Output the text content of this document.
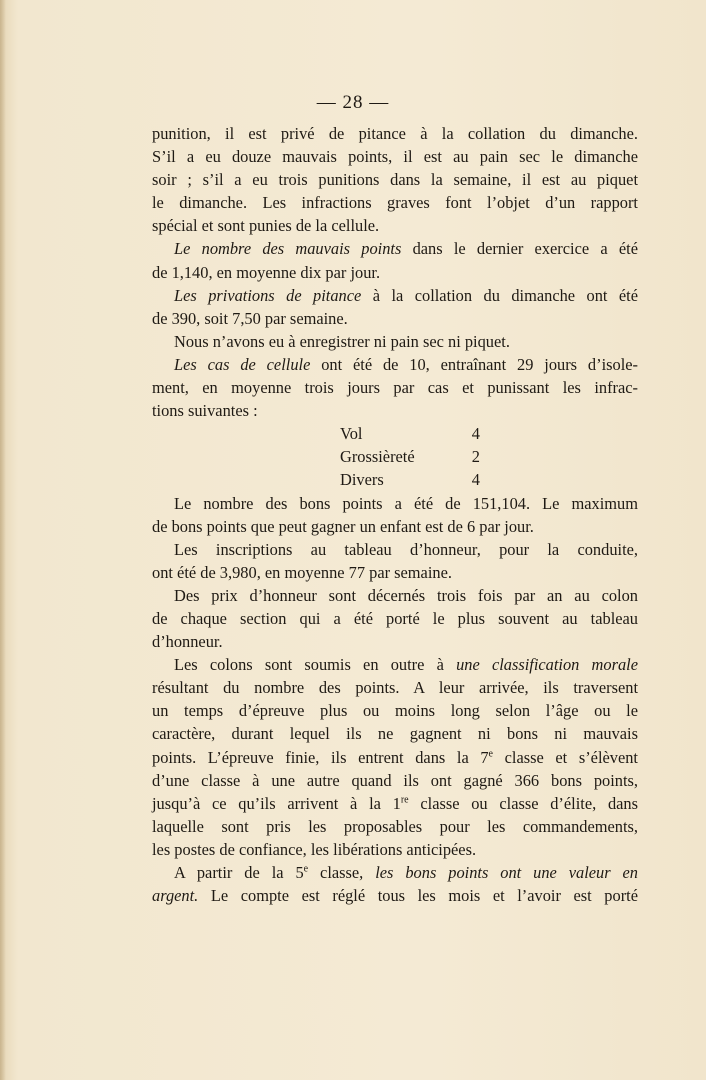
— 28 —
punition, il est privé de pitance à la collation du dimanche.
S’il a eu douze mauvais points, il est au pain sec le dimanche
soir ; s’il a eu trois punitions dans la semaine, il est au piquet
le dimanche. Les infractions graves font l’objet d’un rapport
spécial et sont punies de la cellule.
Le nombre des mauvais points dans le dernier exercice a été
de 1,140, en moyenne dix par jour.
Les privations de pitance à la collation du dimanche ont été
de 390, soit 7,50 par semaine.
Nous n’avons eu à enregistrer ni pain sec ni piquet.
Les cas de cellule ont été de 10, entraînant 29 jours d’isole-
ment, en moyenne trois jours par cas et punissant les infrac-
tions suivantes :
Vol	4
Grossièreté	2
Divers	4
Le nombre des bons points a été de 151,104. Le maximum
de bons points que peut gagner un enfant est de 6 par jour.
Les inscriptions au tableau d’honneur, pour la conduite,
ont été de 3,980, en moyenne 77 par semaine.
Des prix d’honneur sont décernés trois fois par an au colon
de chaque section qui a été porté le plus souvent au tableau
d’honneur.
Les colons sont soumis en outre à une classification morale
résultant du nombre des points. A leur arrivée, ils traversent
un temps d’épreuve plus ou moins long selon l’âge ou le
caractère, durant lequel ils ne gagnent ni bons ni mauvais
points. L’épreuve finie, ils entrent dans la 7e classe et s’élèvent
d’une classe à une autre quand ils ont gagné 366 bons points,
jusqu’à ce qu’ils arrivent à la 1re classe ou classe d’élite, dans
laquelle sont pris les proposables pour les commandements,
les postes de confiance, les libérations anticipées.
A partir de la 5e classe, les bons points ont une valeur en
argent. Le compte est réglé tous les mois et l’avoir est porté
